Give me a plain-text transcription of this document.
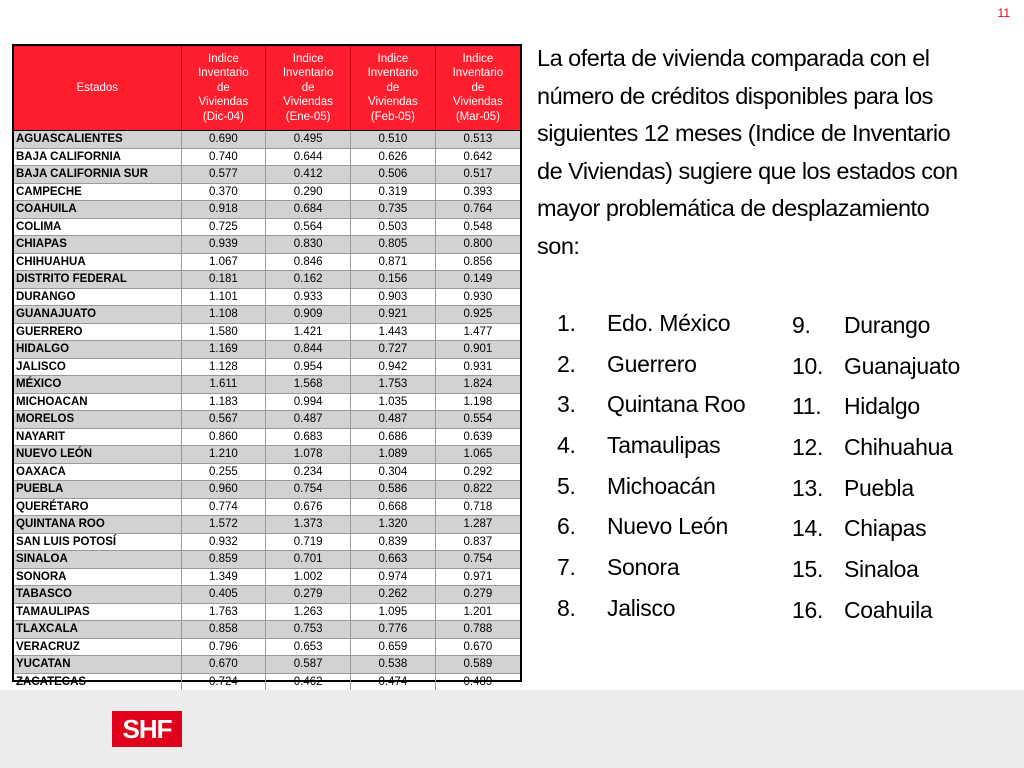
11
Estados	Indice
Inventario
de
Viviendas
(Dic-04)	Indice
Inventario
de
Viviendas
(Ene-05)	Indice
Inventario
de
Viviendas
(Feb-05)	Indice
Inventario
de
Viviendas
(Mar-05)

AGUASCALIENTES	0.690	0.495	0.510	0.513
BAJA CALIFORNIA	0.740	0.644	0.626	0.642
BAJA CALIFORNIA SUR	0.577	0.412	0.506	0.517
CAMPECHE	0.370	0.290	0.319	0.393
COAHUILA	0.918	0.684	0.735	0.764
COLIMA	0.725	0.564	0.503	0.548
CHIAPAS	0.939	0.830	0.805	0.800
CHIHUAHUA	1.067	0.846	0.871	0.856
DISTRITO FEDERAL	0.181	0.162	0.156	0.149
DURANGO	1.101	0.933	0.903	0.930
GUANAJUATO	1.108	0.909	0.921	0.925
GUERRERO	1.580	1.421	1.443	1.477
HIDALGO	1.169	0.844	0.727	0.901
JALISCO	1.128	0.954	0.942	0.931
MÉXICO	1.611	1.568	1.753	1.824
MICHOACAN	1.183	0.994	1.035	1.198
MORELOS	0.567	0.487	0.487	0.554
NAYARIT	0.860	0.683	0.686	0.639
NUEVO LEÓN	1.210	1.078	1.089	1.065
OAXACA	0.255	0.234	0.304	0.292
PUEBLA	0.960	0.754	0.586	0.822
QUERÉTARO	0.774	0.676	0.668	0.718
QUINTANA ROO	1.572	1.373	1.320	1.287
SAN LUIS POTOSÍ	0.932	0.719	0.839	0.837
SINALOA	0.859	0.701	0.663	0.754
SONORA	1.349	1.002	0.974	0.971
TABASCO	0.405	0.279	0.262	0.279
TAMAULIPAS	1.763	1.263	1.095	1.201
TLAXCALA	0.858	0.753	0.776	0.788
VERACRUZ	0.796	0.653	0.659	0.670
YUCATAN	0.670	0.587	0.538	0.589
ZACATECAS	0.724	0.462	0.474	0.489

La oferta de vivienda comparada con el número de créditos disponibles para los siguientes 12 meses (Indice de Inventario de Viviendas) sugiere que los estados con mayor problemática de desplazamiento son:
1. Edo. México
2. Guerrero
3. Quintana Roo
4. Tamaulipas
5. Michoacán
6. Nuevo León
7. Sonora
8. Jalisco
9. Durango
10. Guanajuato
11. Hidalgo
12. Chihuahua
13. Puebla
14. Chiapas
15. Sinaloa
16. Coahuila
SHF
